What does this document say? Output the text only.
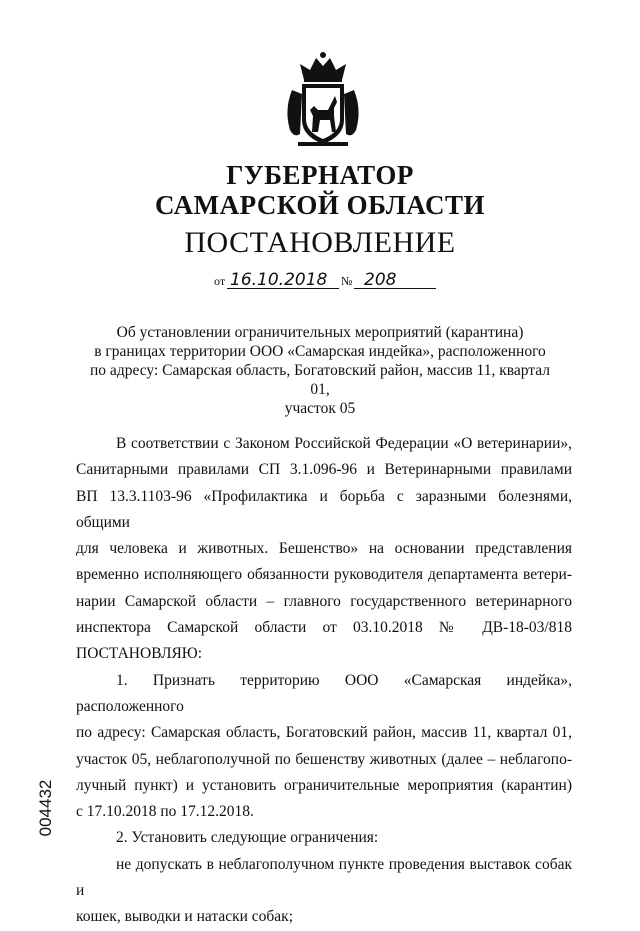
ГУБЕРНАТОР
САМАРСКОЙ ОБЛАСТИ
ПОСТАНОВЛЕНИЕ
от 16.10.2018 № 208
Об установлении ограничительных мероприятий (карантина)
в границах территории ООО «Самарская индейка», расположенного
по адресу: Самарская область, Богатовский район, массив 11, квартал 01,
участок 05

В соответствии с Законом Российской Федерации «О ветеринарии»,

Санитарными правилами СП 3.1.096-96 и Ветеринарными правилами

ВП 13.3.1103-96 «Профилактика и борьба с заразными болезнями, общими

для человека и животных. Бешенство» на основании представления

временно исполняющего обязанности руководителя департамента ветери-

нарии Самарской области – главного государственного ветеринарного

инспектора Самарской области от 03.10.2018 № ДВ-18-03/818

ПОСТАНОВЛЯЮ:

1. Признать территорию ООО «Самарская индейка», расположенного

по адресу: Самарская область, Богатовский район, массив 11, квартал 01,

участок 05, неблагополучной по бешенству животных (далее – неблагопо-

лучный пункт) и установить ограничительные мероприятия (карантин)

с 17.10.2018 по 17.12.2018.

2. Установить следующие ограничения:

не допускать в неблагополучном пункте проведения выставок собак и

кошек, выводки и натаски собак;

004432
